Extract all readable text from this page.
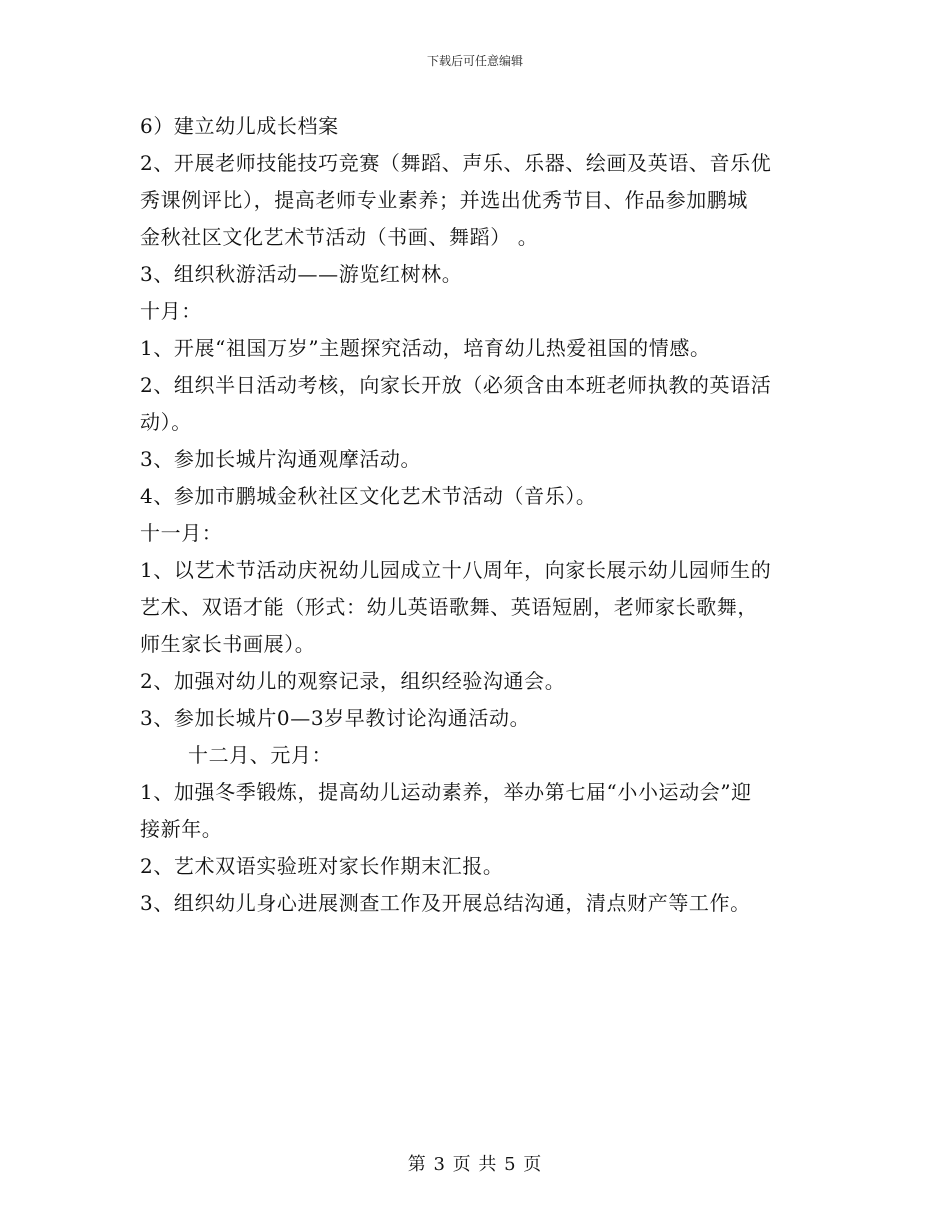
下载后可任意编辑
6）建立幼儿成长档案
2、开展老师技能技巧竞赛（舞蹈、声乐、乐器、绘画及英语、音乐优
秀课例评比），提高老师专业素养；并选出优秀节目、作品参加鹏城
金秋社区文化艺术节活动（书画、舞蹈） 。
3、组织秋游活动——游览红树林。
十月：
1、开展“祖国万岁”主题探究活动，培育幼儿热爱祖国的情感。
2、组织半日活动考核，向家长开放（必须含由本班老师执教的英语活
动）。
3、参加长城片沟通观摩活动。
4、参加市鹏城金秋社区文化艺术节活动（音乐）。
十一月：
1、以艺术节活动庆祝幼儿园成立十八周年，向家长展示幼儿园师生的
艺术、双语才能（形式：幼儿英语歌舞、英语短剧，老师家长歌舞，
师生家长书画展）。
2、加强对幼儿的观察记录，组织经验沟通会。
3、参加长城片0—3岁早教讨论沟通活动。
十二月、元月：
1、加强冬季锻炼，提高幼儿运动素养，举办第七届“小小运动会”迎
接新年。
2、艺术双语实验班对家长作期末汇报。
3、组织幼儿身心进展测查工作及开展总结沟通，清点财产等工作。
第 3 页 共 5 页
